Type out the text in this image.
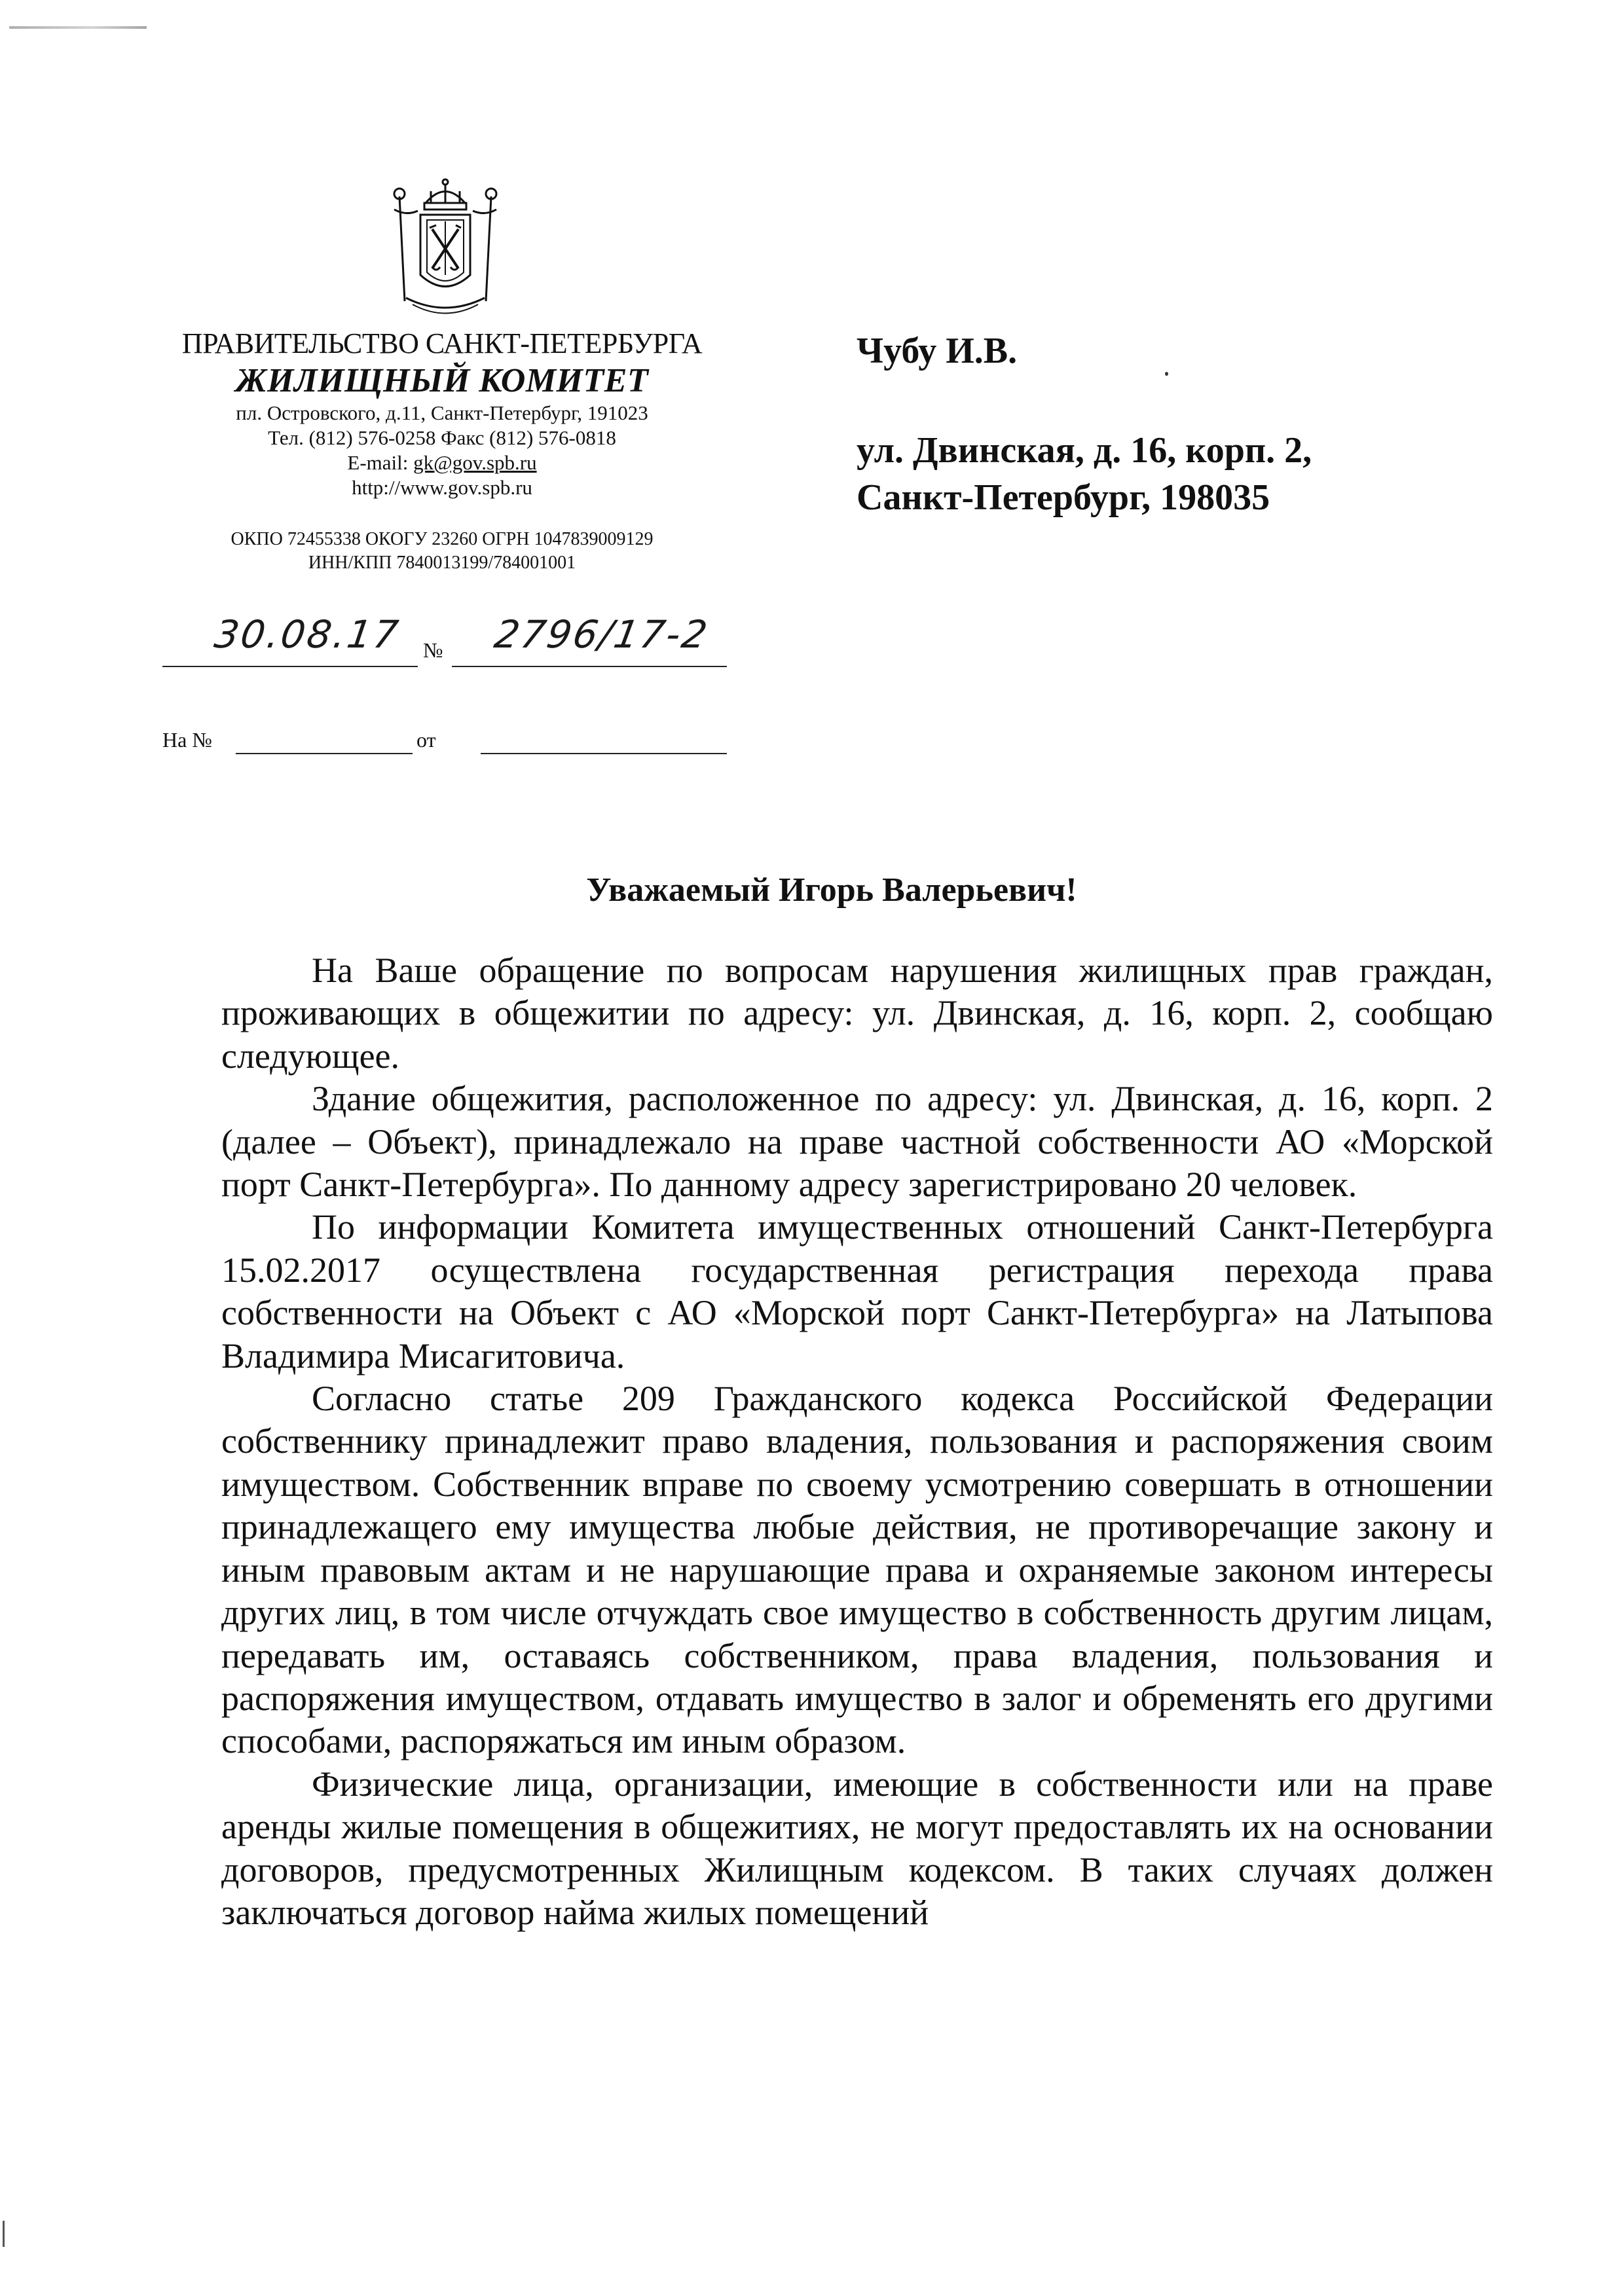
ПРАВИТЕЛЬСТВО САНКТ-ПЕТЕРБУРГА
ЖИЛИЩНЫЙ КОМИТЕТ
пл. Островского, д.11, Санкт-Петербург, 191023
Тел. (812) 576-0258 Факс (812) 576-0818
E-mail: gk@gov.spb.ru
http://www.gov.spb.ru
ОКПО 72455338 ОКОГУ 23260 ОГРН 1047839009129
ИНН/КПП 7840013199/784001001
30.08.17 № 2796/17-2
На №	от
Чубу И.В.
ул. Двинская, д. 16, корп. 2,
Санкт-Петербург, 198035
Уважаемый Игорь Валерьевич!

На Ваше обращение по вопросам нарушения жилищных прав граждан, проживающих в общежитии по адресу: ул. Двинская, д. 16, корп. 2, сообщаю следующее.

Здание общежития, расположенное по адресу: ул. Двинская, д. 16, корп. 2 (далее – Объект), принадлежало на праве частной собственности АО «Морской порт Санкт-Петербурга». По данному адресу зарегистрировано 20 человек.

По информации Комитета имущественных отношений Санкт-Петербурга 15.02.2017 осуществлена государственная регистрация перехода права собственности на Объект с АО «Морской порт Санкт-Петербурга» на Латыпова Владимира Мисагитовича.

Согласно статье 209 Гражданского кодекса Российской Федерации собственнику принадлежит право владения, пользования и распоряжения своим имуществом. Собственник вправе по своему усмотрению совершать в отношении принадлежащего ему имущества любые действия, не противоречащие закону и иным правовым актам и не нарушающие права и охраняемые законом интересы других лиц, в том числе отчуждать свое имущество в собственность другим лицам, передавать им, оставаясь собственником, права владения, пользования и распоряжения имуществом, отдавать имущество в залог и обременять его другими способами, распоряжаться им иным образом.

Физические лица, организации, имеющие в собственности или на праве аренды жилые помещения в общежитиях, не могут предоставлять их на основании договоров, предусмотренных Жилищным кодексом. В таких случаях должен заключаться договор найма жилых помещений
